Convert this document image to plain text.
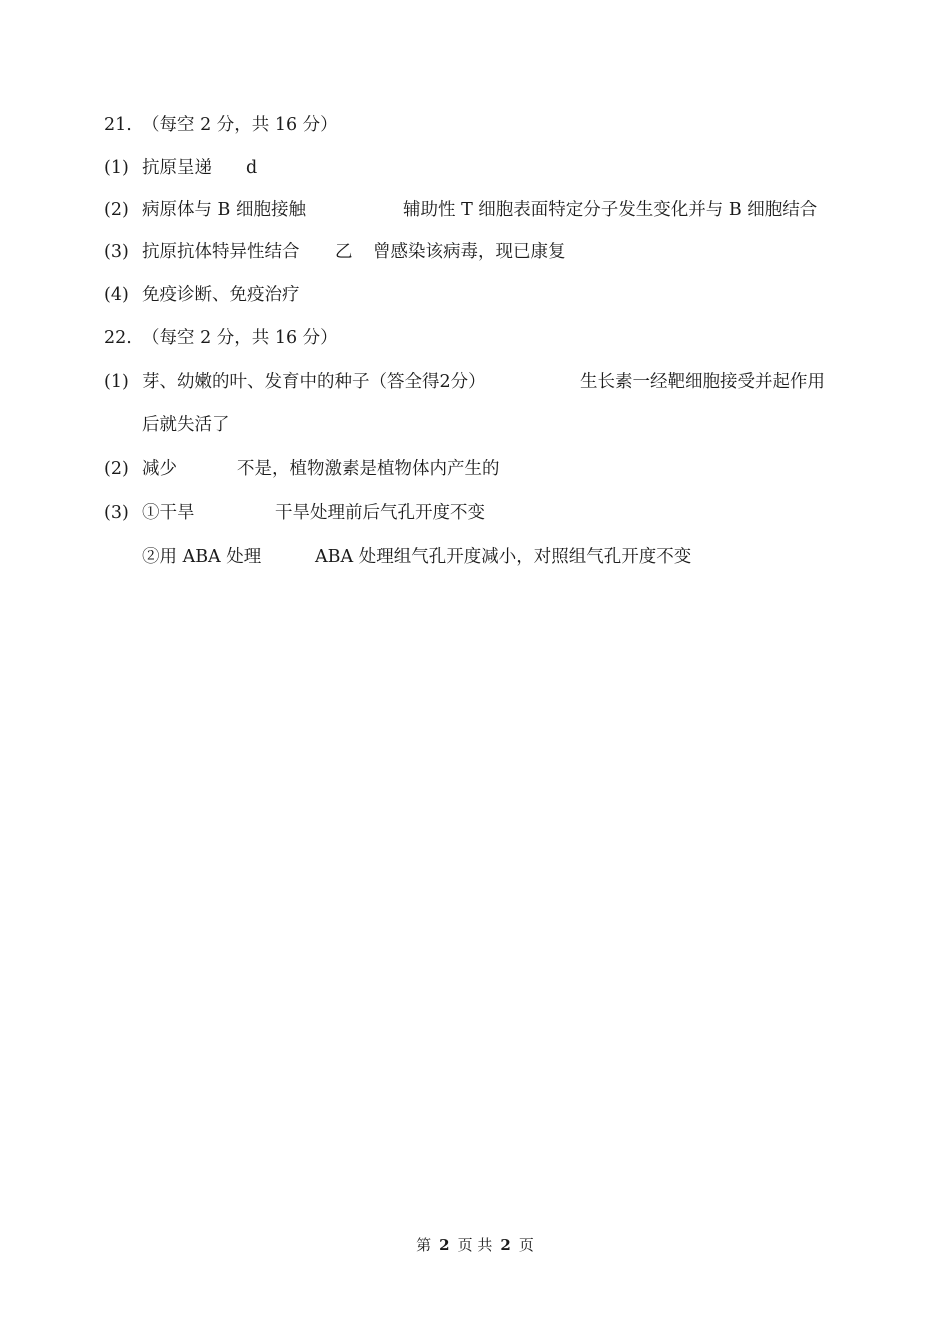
21. （每空 2 分，共 16 分）
(1) 抗原呈递 d
(2) 病原体与 B 细胞接触	辅助性 T 细胞表面特定分子发生变化并与 B 细胞结合
(3) 抗原抗体特异性结合 乙 曾感染该病毒，现已康复
(4) 免疫诊断、免疫治疗
22. （每空 2 分，共 16 分）
(1) 芽、幼嫩的叶、发育中的种子（答全得2分）	生长素一经靶细胞接受并起作用
后就失活了
(2) 减少	不是，植物激素是植物体内产生的
(3) ①干旱	干旱处理前后气孔开度不变
②用 ABA 处理	ABA 处理组气孔开度减小，对照组气孔开度不变
第 2 页 共 2 页
